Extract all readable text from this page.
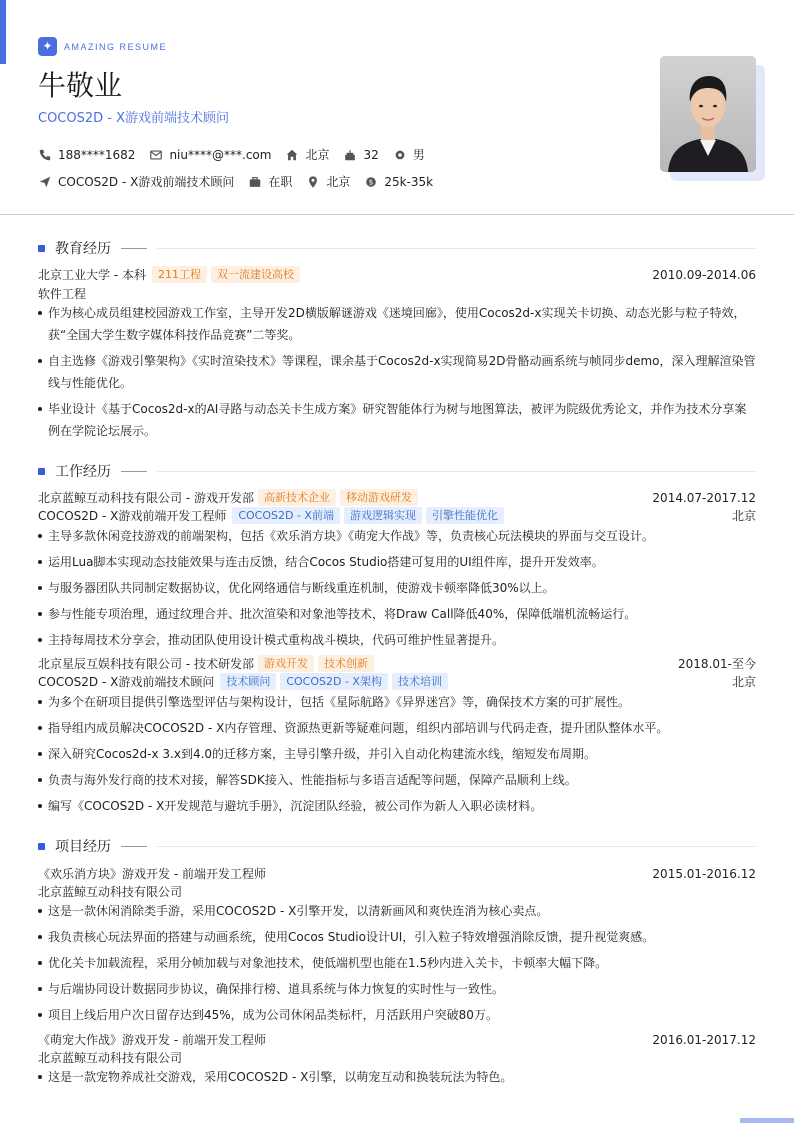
✦	AMAZING RESUME
牛敬业
COCOS2D - X游戏前端技术顾问
188****1682	niu****@***.com	北京	32	男
COCOS2D - X游戏前端技术顾问	在职	北京 $ 25k-35k
教育经历
北京工业大学 - 本科	211工程	双一流建设高校	2010.09-2014.06
软件工程
作为核心成员组建校园游戏工作室，主导开发2D横版解谜游戏《迷境回廊》，使用Cocos2d-x实现关卡切换、动态光影与粒子特效，获“全国大学生数字媒体科技作品竞赛”二等奖。
自主选修《游戏引擎架构》《实时渲染技术》等课程，课余基于Cocos2d-x实现简易2D骨骼动画系统与帧同步demo，深入理解渲染管线与性能优化。
毕业设计《基于Cocos2d-x的AI寻路与动态关卡生成方案》研究智能体行为树与地图算法，被评为院级优秀论文，并作为技术分享案例在学院论坛展示。
工作经历
北京蓝鲸互动科技有限公司 - 游戏开发部 高新技术企业	移动游戏研发	2014.07-2017.12
COCOS2D - X游戏前端开发工程师	COCOS2D - X前端	游戏逻辑实现	引擎性能优化	北京
主导多款休闲竞技游戏的前端架构，包括《欢乐消方块》《萌宠大作战》等，负责核心玩法模块的界面与交互设计。
运用Lua脚本实现动态技能效果与连击反馈，结合Cocos Studio搭建可复用的UI组件库，提升开发效率。
与服务器团队共同制定数据协议，优化网络通信与断线重连机制，使游戏卡顿率降低30%以上。
参与性能专项治理，通过纹理合并、批次渲染和对象池等技术，将Draw Call降低40%，保障低端机流畅运行。
主持每周技术分享会，推动团队使用设计模式重构战斗模块，代码可维护性显著提升。
北京星辰互娱科技有限公司 - 技术研发部 游戏开发	技术创新	2018.01-至今
COCOS2D - X游戏前端技术顾问	技术顾问	COCOS2D - X架构	技术培训	北京
为多个在研项目提供引擎选型评估与架构设计，包括《星际航路》《异界迷宫》等，确保技术方案的可扩展性。
指导组内成员解决COCOS2D - X内存管理、资源热更新等疑难问题，组织内部培训与代码走查，提升团队整体水平。
深入研究Cocos2d-x 3.x到4.0的迁移方案，主导引擎升级，并引入自动化构建流水线，缩短发布周期。
负责与海外发行商的技术对接，解答SDK接入、性能指标与多语言适配等问题，保障产品顺利上线。
编写《COCOS2D - X开发规范与避坑手册》，沉淀团队经验，被公司作为新人入职必读材料。
项目经历
《欢乐消方块》游戏开发 - 前端开发工程师	2015.01-2016.12
北京蓝鲸互动科技有限公司
这是一款休闲消除类手游，采用COCOS2D - X引擎开发，以清新画风和爽快连消为核心卖点。
我负责核心玩法界面的搭建与动画系统，使用Cocos Studio设计UI，引入粒子特效增强消除反馈，提升视觉爽感。
优化关卡加载流程，采用分帧加载与对象池技术，使低端机型也能在1.5秒内进入关卡，卡顿率大幅下降。
与后端协同设计数据同步协议，确保排行榜、道具系统与体力恢复的实时性与一致性。
项目上线后用户次日留存达到45%，成为公司休闲品类标杆，月活跃用户突破80万。
《萌宠大作战》游戏开发 - 前端开发工程师	2016.01-2017.12
北京蓝鲸互动科技有限公司
这是一款宠物养成社交游戏，采用COCOS2D - X引擎，以萌宠互动和换装玩法为特色。
